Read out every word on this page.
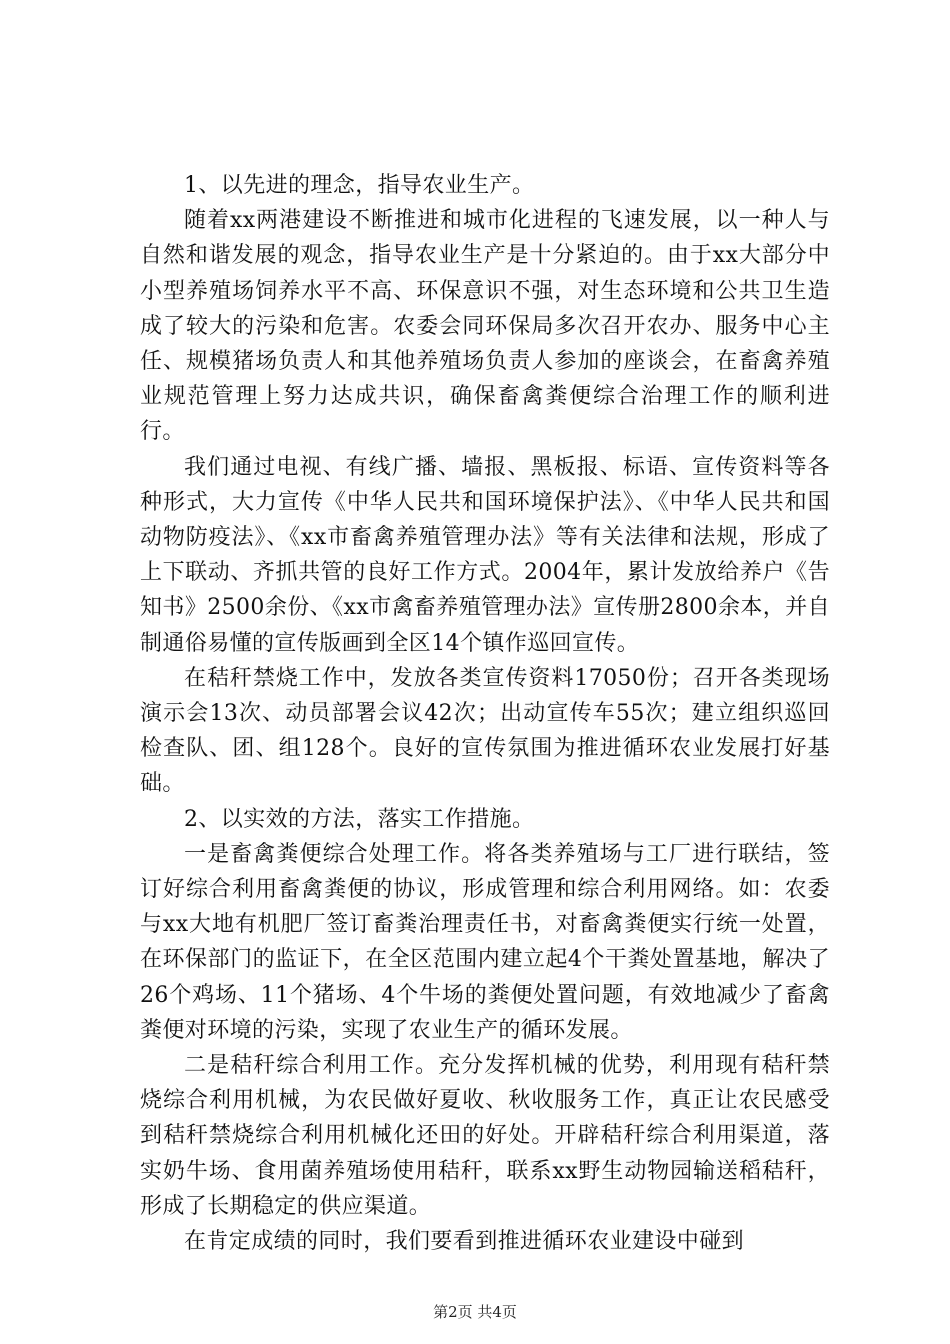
1、以先进的理念，指导农业生产。

随着xx两港建设不断推进和城市化进程的飞速发展，以一种人与自然和谐发展的观念，指导农业生产是十分紧迫的。由于xx大部分中小型养殖场饲养水平不高、环保意识不强，对生态环境和公共卫生造成了较大的污染和危害。农委会同环保局多次召开农办、服务中心主任、规模猪场负责人和其他养殖场负责人参加的座谈会，在畜禽养殖业规范管理上努力达成共识，确保畜禽粪便综合治理工作的顺利进行。

我们通过电视、有线广播、墙报、黑板报、标语、宣传资料等各种形式，大力宣传《中华人民共和国环境保护法》、《中华人民共和国动物防疫法》、《xx市畜禽养殖管理办法》等有关法律和法规，形成了上下联动、齐抓共管的良好工作方式。2004年，累计发放给养户《告知书》2500余份、《xx市禽畜养殖管理办法》宣传册2800余本，并自制通俗易懂的宣传版画到全区14个镇作巡回宣传。

在秸秆禁烧工作中，发放各类宣传资料17050份；召开各类现场演示会13次、动员部署会议42次；出动宣传车55次；建立组织巡回检查队、团、组128个。良好的宣传氛围为推进循环农业发展打好基础。

2、以实效的方法，落实工作措施。

一是畜禽粪便综合处理工作。将各类养殖场与工厂进行联结，签订好综合利用畜禽粪便的协议，形成管理和综合利用网络。如：农委与xx大地有机肥厂签订畜粪治理责任书，对畜禽粪便实行统一处置，在环保部门的监证下，在全区范围内建立起4个干粪处置基地，解决了26个鸡场、11个猪场、4个牛场的粪便处置问题，有效地减少了畜禽粪便对环境的污染，实现了农业生产的循环发展。

二是秸秆综合利用工作。充分发挥机械的优势，利用现有秸秆禁烧综合利用机械，为农民做好夏收、秋收服务工作，真正让农民感受到秸秆禁烧综合利用机械化还田的好处。开辟秸秆综合利用渠道，落实奶牛场、食用菌养殖场使用秸秆，联系xx野生动物园输送稻秸秆，形成了长期稳定的供应渠道。

在肯定成绩的同时，我们要看到推进循环农业建设中碰到

第2页 共4页
